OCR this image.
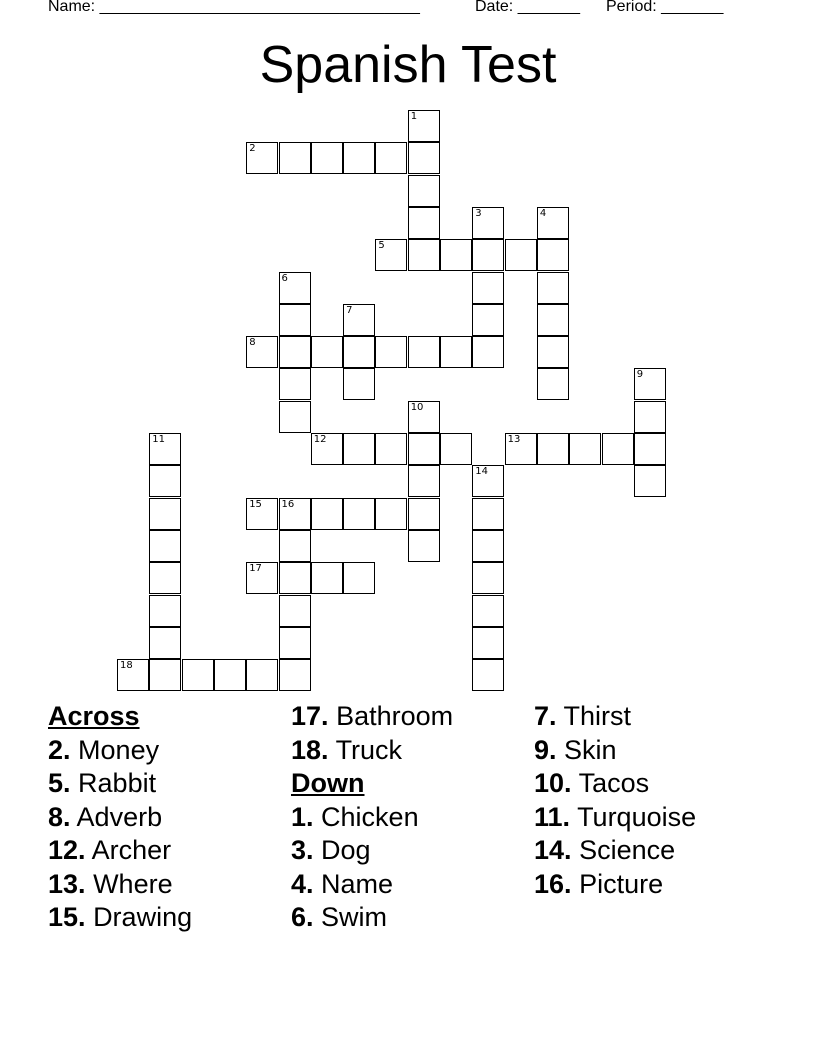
Name: ____________________________________

	Date: _______

Period: _______

Spanish Test
1
2
3	4
5
6
7
8
9
10
11	12	13
14
15 16
17
18
Across
2. Money
5. Rabbit
8. Adverb
12. Archer
13. Where
15. Drawing
17. Bathroom
18. Truck
Down
1. Chicken
3. Dog
4. Name
6. Swim
7. Thirst
9. Skin
10. Tacos
11. Turquoise
14. Science
16. Picture
